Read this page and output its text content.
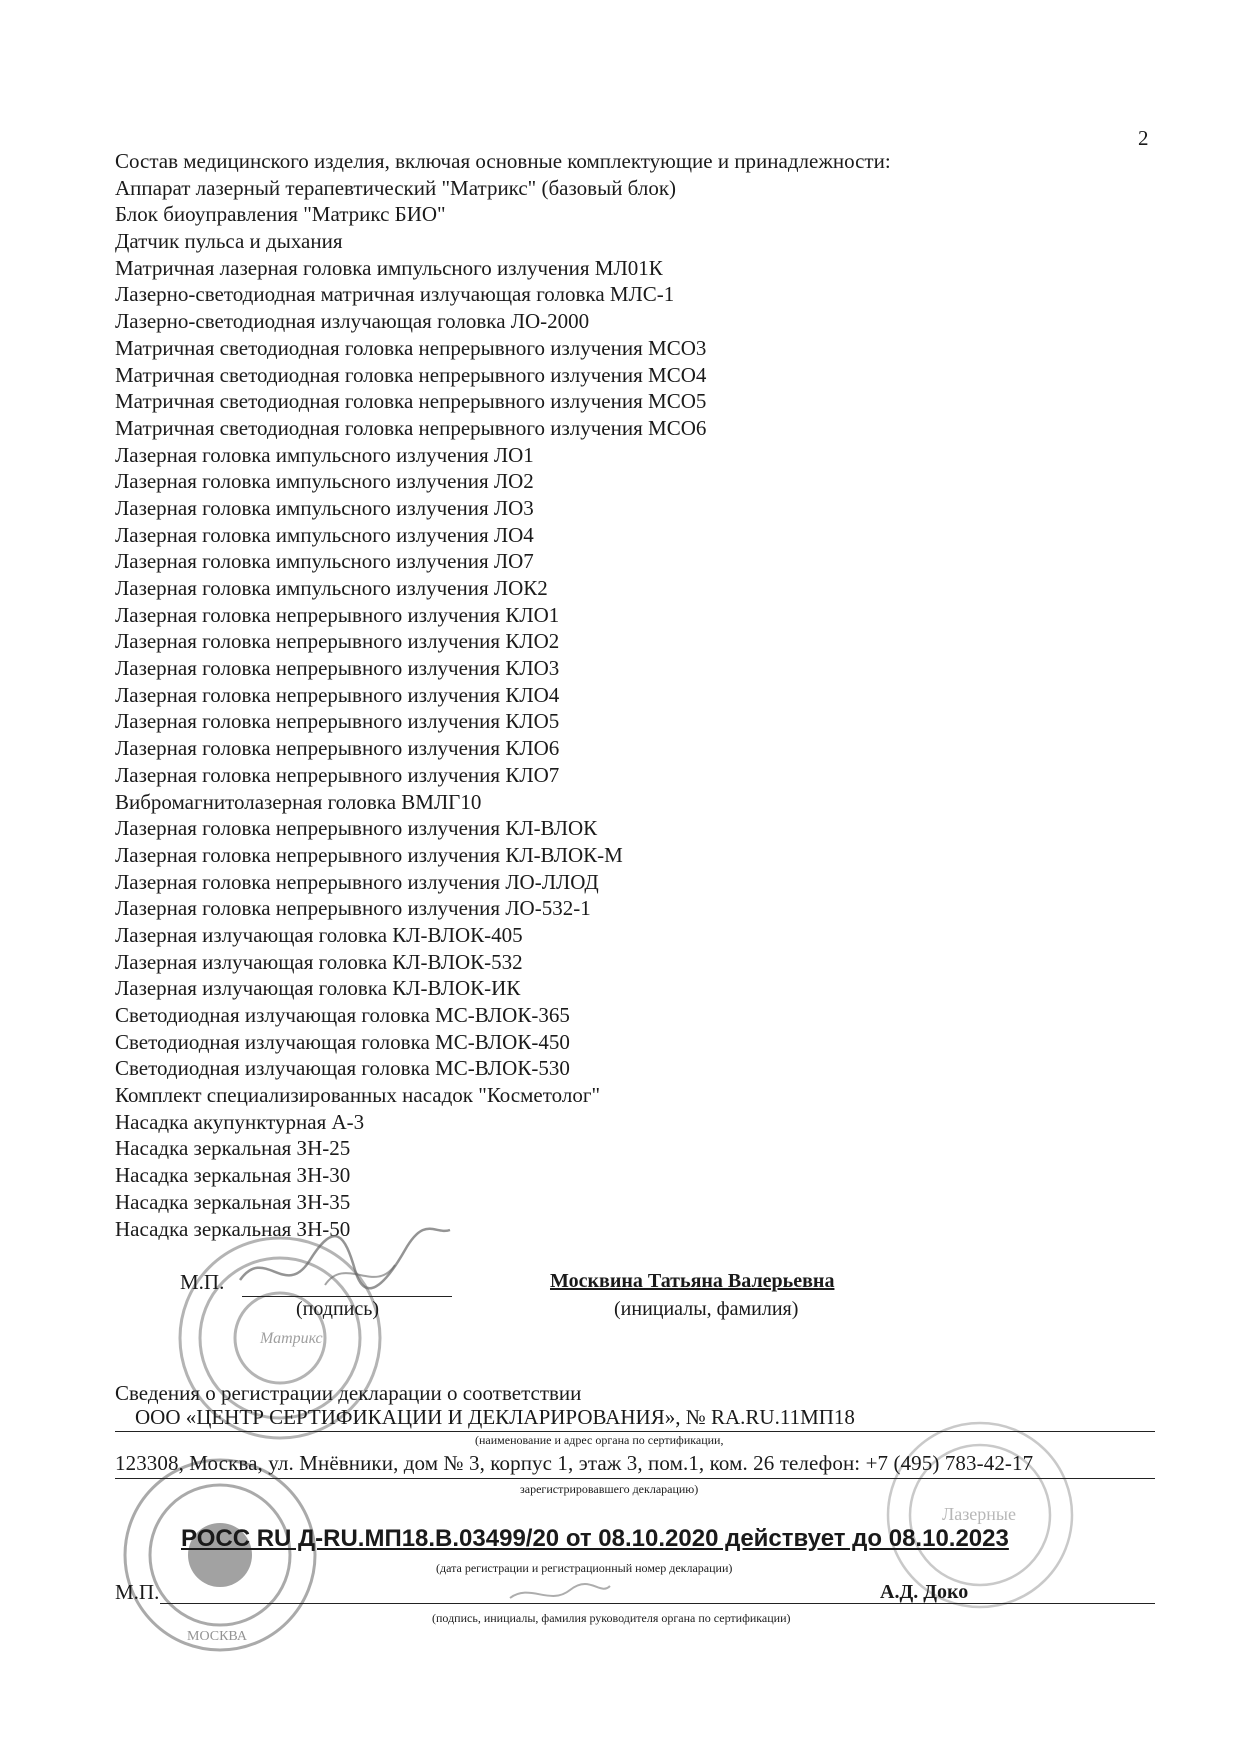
2
Состав медицинского изделия, включая основные комплектующие и принадлежности:
Аппарат лазерный терапевтический "Матрикс" (базовый блок)
Блок биоуправления "Матрикс БИО"
Датчик пульса и дыхания
Матричная лазерная головка импульсного излучения МЛ01К
Лазерно-светодиодная матричная излучающая головка МЛС-1
Лазерно-светодиодная излучающая головка ЛО-2000
Матричная светодиодная головка непрерывного излучения МСО3
Матричная светодиодная головка непрерывного излучения МСО4
Матричная светодиодная головка непрерывного излучения МСО5
Матричная светодиодная головка непрерывного излучения МСО6
Лазерная головка импульсного излучения ЛО1
Лазерная головка импульсного излучения ЛО2
Лазерная головка импульсного излучения ЛО3
Лазерная головка импульсного излучения ЛО4
Лазерная головка импульсного излучения ЛО7
Лазерная головка импульсного излучения ЛОК2
Лазерная головка непрерывного излучения КЛО1
Лазерная головка непрерывного излучения КЛО2
Лазерная головка непрерывного излучения КЛО3
Лазерная головка непрерывного излучения КЛО4
Лазерная головка непрерывного излучения КЛО5
Лазерная головка непрерывного излучения КЛО6
Лазерная головка непрерывного излучения КЛО7
Вибромагнитолазерная головка ВМЛГ10
Лазерная головка непрерывного излучения КЛ-ВЛОК
Лазерная головка непрерывного излучения КЛ-ВЛОК-М
Лазерная головка непрерывного излучения ЛО-ЛЛОД
Лазерная головка непрерывного излучения ЛО-532-1
Лазерная излучающая головка КЛ-ВЛОК-405
Лазерная излучающая головка КЛ-ВЛОК-532
Лазерная излучающая головка КЛ-ВЛОК-ИК
Светодиодная излучающая головка МС-ВЛОК-365
Светодиодная излучающая головка МС-ВЛОК-450
Светодиодная излучающая головка МС-ВЛОК-530
Комплект специализированных насадок "Косметолог"
Насадка акупунктурная А-3
Насадка зеркальная ЗН-25
Насадка зеркальная ЗН-30
Насадка зеркальная ЗН-35
Насадка зеркальная ЗН-50
Матрикс
МОСКВА
Лазерные
М.П.
(подпись)
Москвина Татьяна Валерьевна
(инициалы, фамилия)
Сведения о регистрации декларации о соответствии
ООО «ЦЕНТР СЕРТИФИКАЦИИ И ДЕКЛАРИРОВАНИЯ», № RA.RU.11МП18
(наименование и адрес органа по сертификации,
123308, Москва, ул. Мнёвники, дом № 3, корпус 1, этаж 3, пом.1, ком. 26 телефон: +7 (495) 783-42-17
зарегистрировавшего декларацию)
РОСС RU Д-RU.МП18.В.03499/20 от 08.10.2020 действует до 08.10.2023
(дата регистрации и регистрационный номер декларации)
М.П.	А.Д. Доко
(подпись, инициалы, фамилия руководителя органа по сертификации)
